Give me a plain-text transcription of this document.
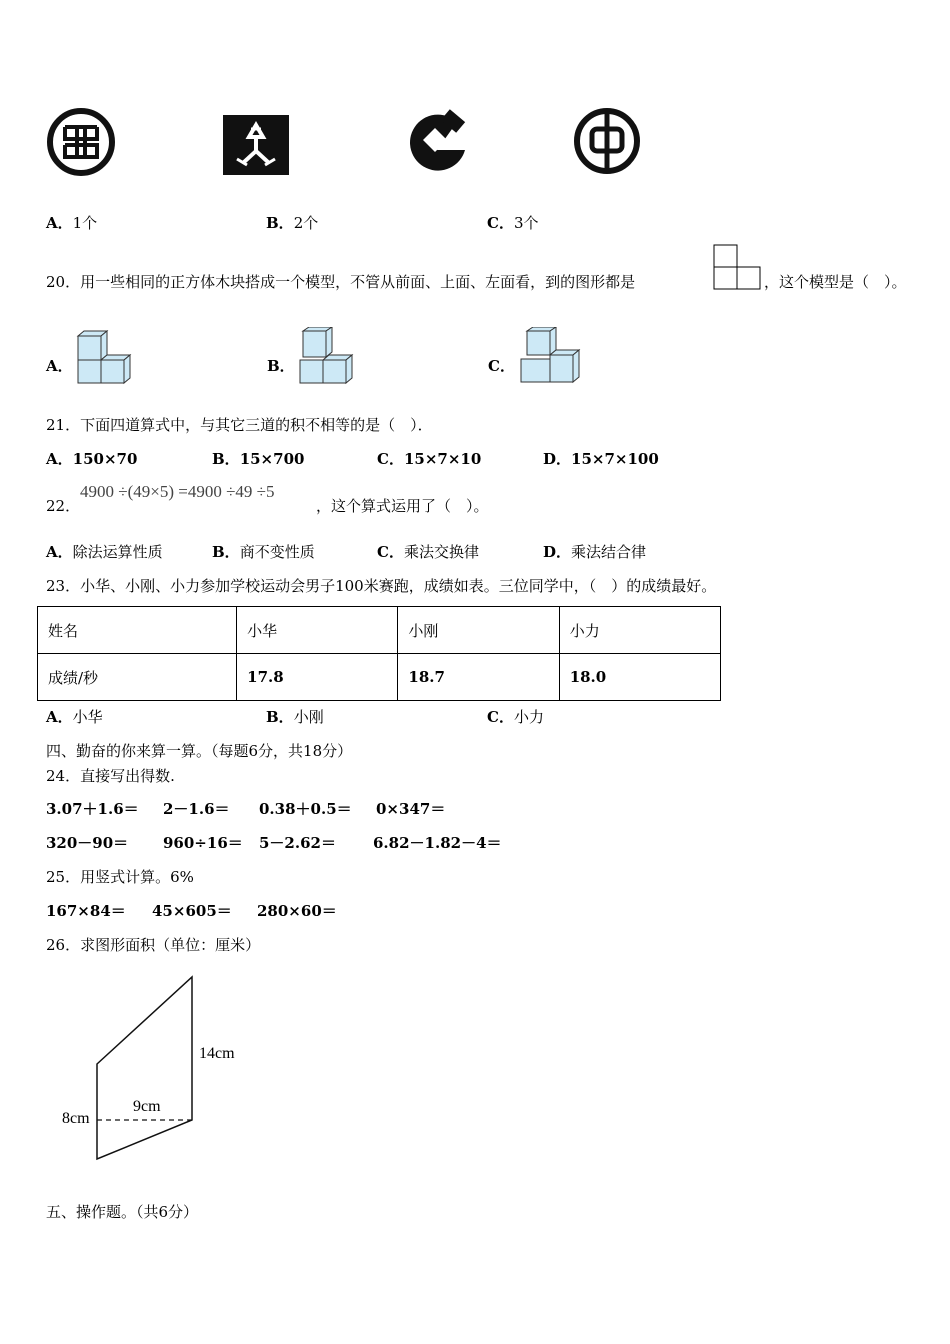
A．1个	B．2个	C．3个
20．用一些相同的正方体木块搭成一个模型，不管从前面、上面、左面看，到的图形都是	，这个模型是（　）。
A．	B．	C．
21．下面四道算式中，与其它三道的积不相等的是（　）．
A．150×70	B．15×700	C．15×7×10	D．15×7×100
22．
4900 ÷(49×5) =4900 ÷49 ÷5
，这个算式运用了（　）。
A．除法运算性质	B．商不变性质	C．乘法交换律	D．乘法结合律
23．小华、小刚、小力参加学校运动会男子100米赛跑，成绩如表。三位同学中，（　）的成绩最好。
姓名	小华	小刚	小力
成绩/秒	17.8	18.7	18.0
A．小华	B．小刚	C．小力
四、勤奋的你来算一算。（每题6分，共18分）
24．直接写出得数.
3.07＋1.6＝ 2－1.6＝ 0.38＋0.5＝ 0×347＝
320－90＝ 960÷16＝ 5－2.62＝ 6.82－1.82－4＝
25．用竖式计算。6%
167×84＝ 45×605＝ 280×60＝
26．求图形面积（单位：厘米）
14cm
9cm
8cm
五、操作题。（共6分）
